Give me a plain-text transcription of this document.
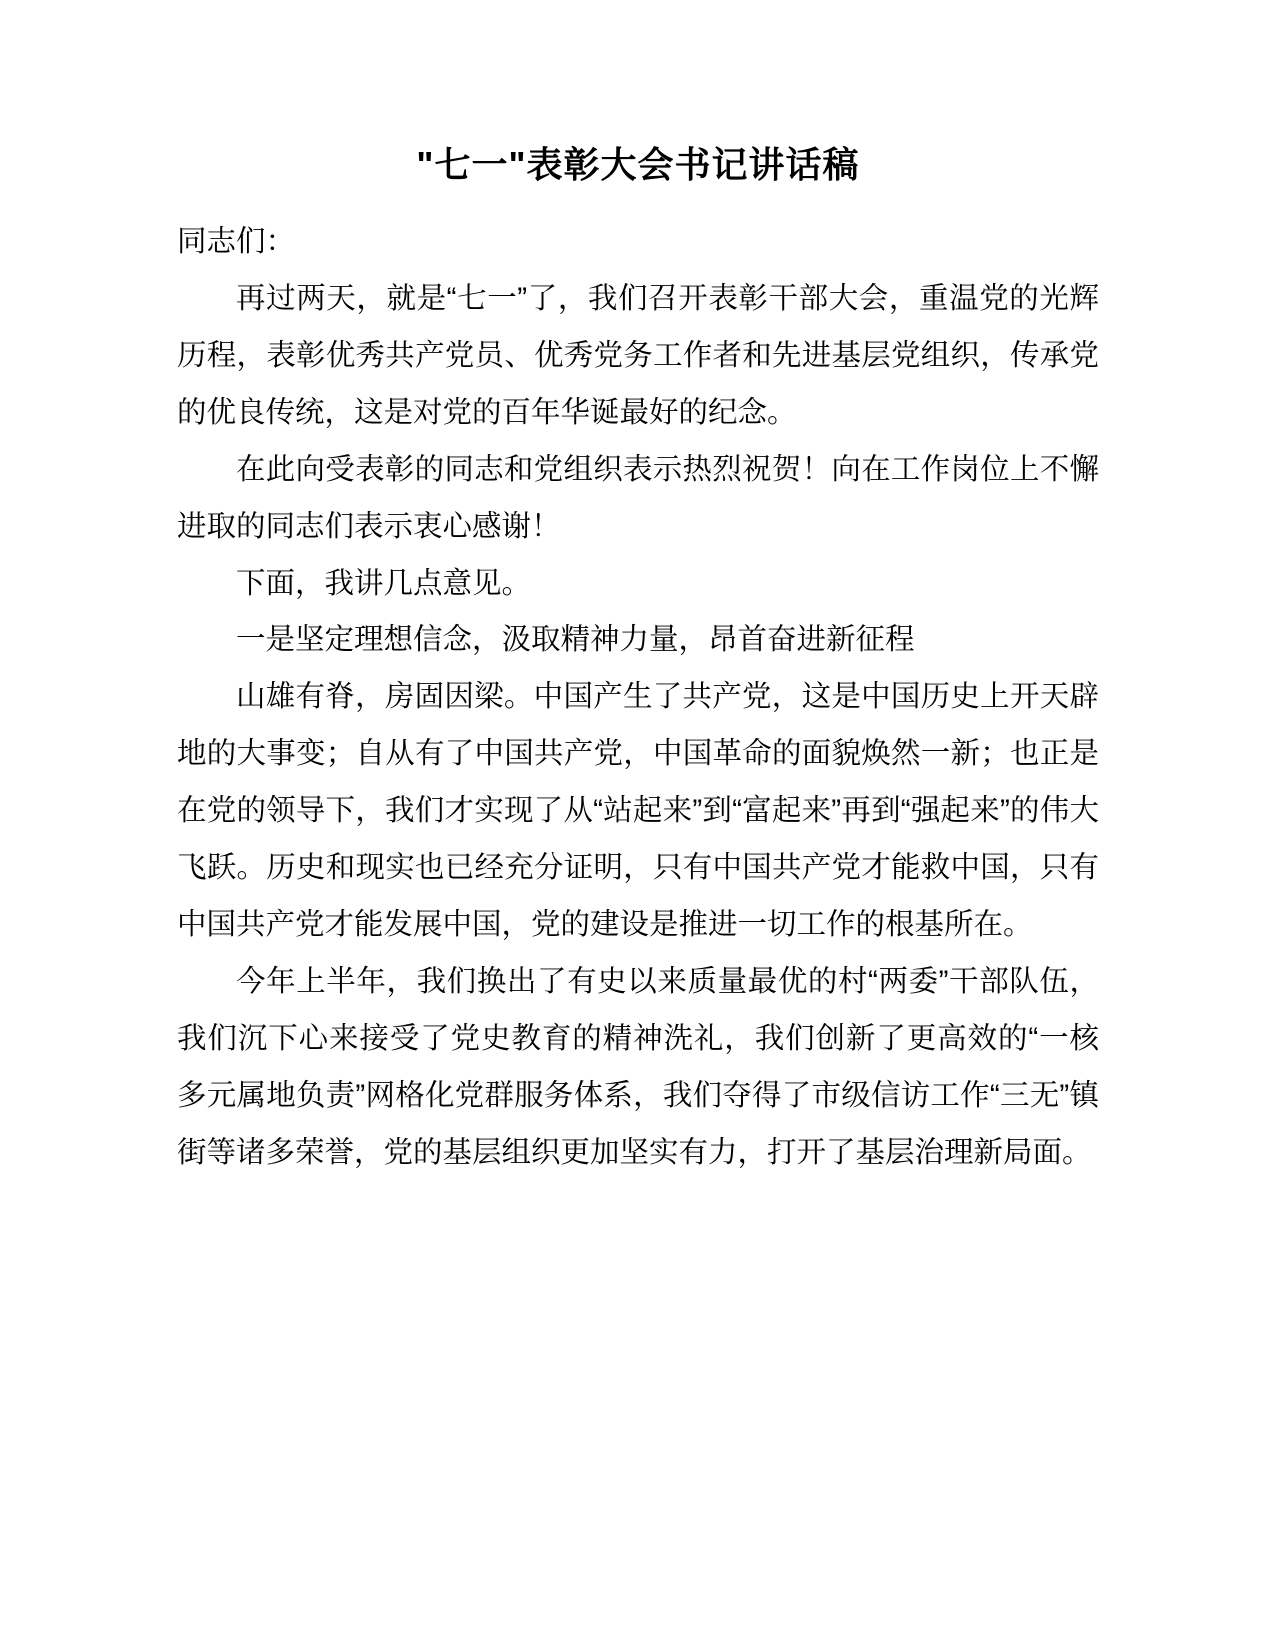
"七一"表彰大会书记讲话稿

同志们：

再过两天，就是“七一”了，我们召开表彰干部大会，重温党的光辉历程，表彰优秀共产党员、优秀党务工作者和先进基层党组织，传承党的优良传统，这是对党的百年华诞最好的纪念。

在此向受表彰的同志和党组织表示热烈祝贺！向在工作岗位上不懈进取的同志们表示衷心感谢！

下面，我讲几点意见。

一是坚定理想信念，汲取精神力量，昂首奋进新征程

山雄有脊，房固因梁。中国产生了共产党，这是中国历史上开天辟地的大事变；自从有了中国共产党，中国革命的面貌焕然一新；也正是在党的领导下，我们才实现了从“站起来”到“富起来”再到“强起来”的伟大飞跃。历史和现实也已经充分证明，只有中国共产党才能救中国，只有中国共产党才能发展中国，党的建设是推进一切工作的根基所在。

今年上半年，我们换出了有史以来质量最优的村“两委”干部队伍，我们沉下心来接受了党史教育的精神洗礼，我们创新了更高效的“一核多元属地负责”网格化党群服务体系，我们夺得了市级信访工作“三无”镇街等诸多荣誉，党的基层组织更加坚实有力，打开了基层治理新局面。
